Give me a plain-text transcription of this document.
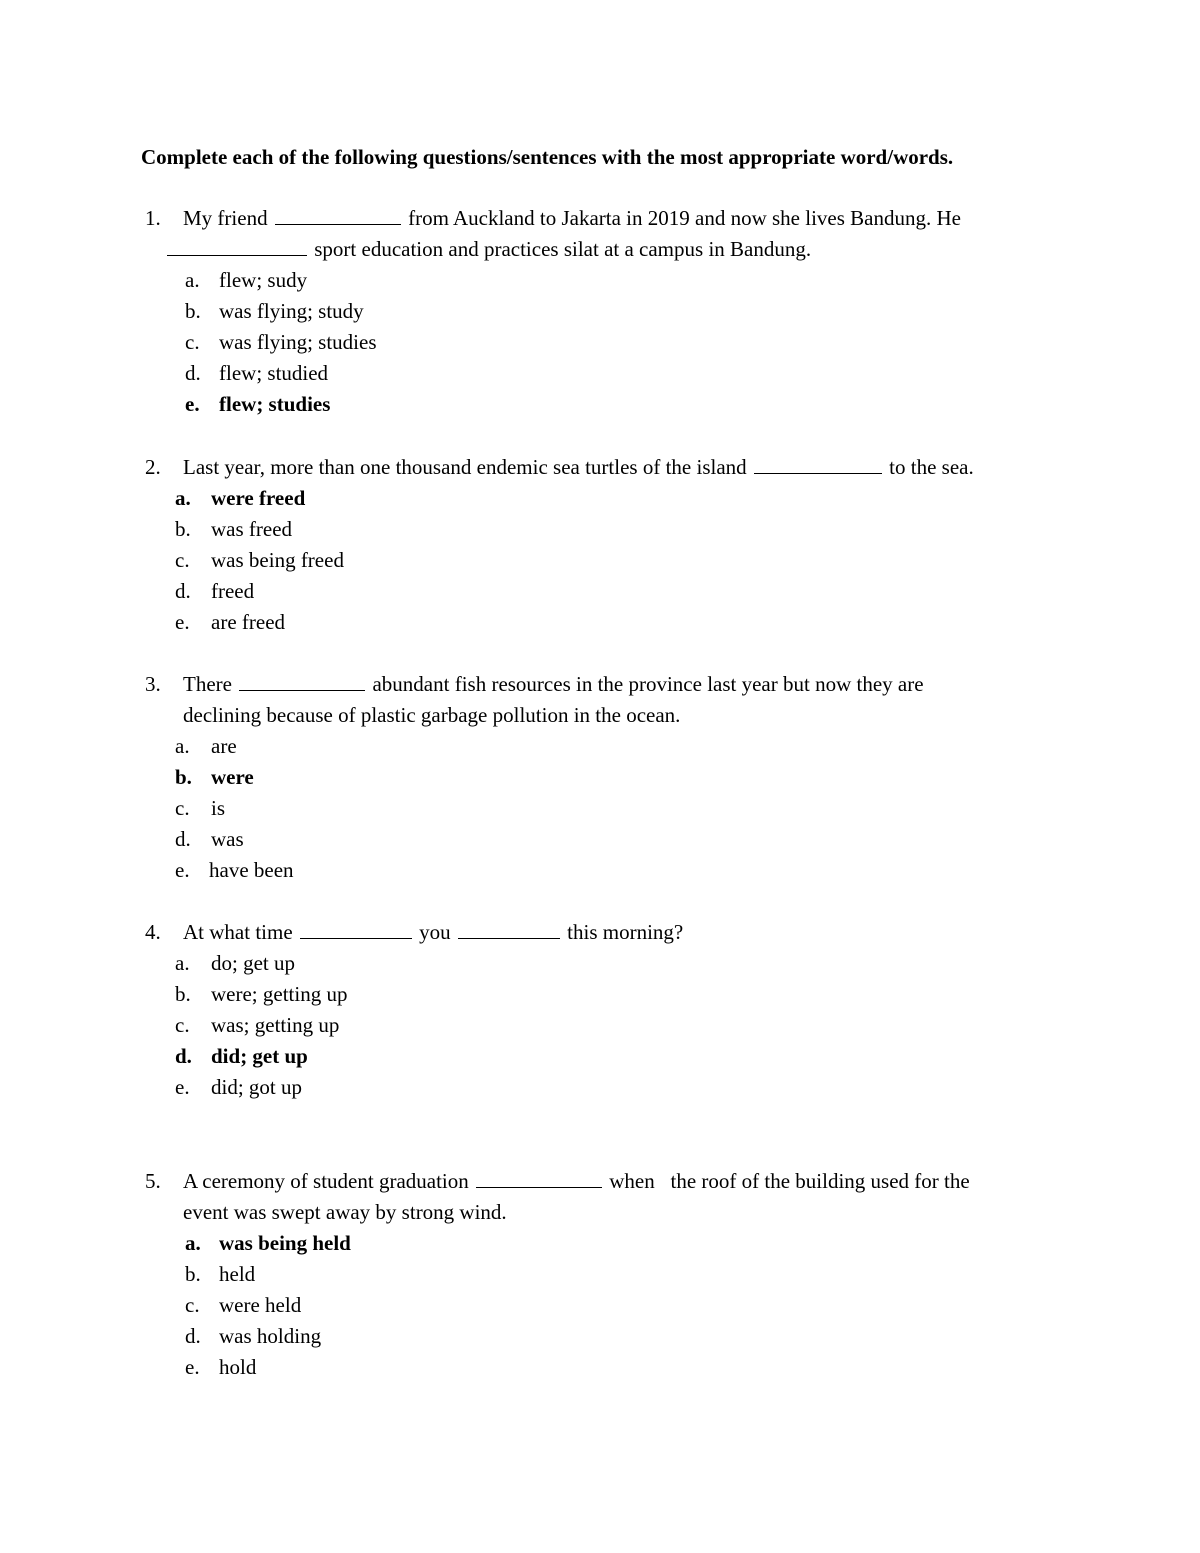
Complete each of the following questions/sentences with the most appropriate word/words.
1. My friend	from Auckland to Jakarta in 2019 and now she lives Bandung. He
sport education and practices silat at a campus in Bandung.
a. flew; sudy
b. was flying; study
c. was flying; studies
d. flew; studied
e. flew; studies
2. Last year, more than one thousand endemic sea turtles of the island	to the sea.
a. were freed
b. was freed
c. was being freed
d. freed
e. are freed
3. There	abundant fish resources in the province last year but now they are
declining because of plastic garbage pollution in the ocean.
a. are
b. were
c. is
d. was
e. have been
4. At what time	you	this morning?
a. do; get up
b. were; getting up
c. was; getting up
d. did; get up
e. did; got up
5. A ceremony of student graduation	when   the roof of the building used for the
event was swept away by strong wind.
a. was being held
b. held
c. were held
d. was holding
e. hold
